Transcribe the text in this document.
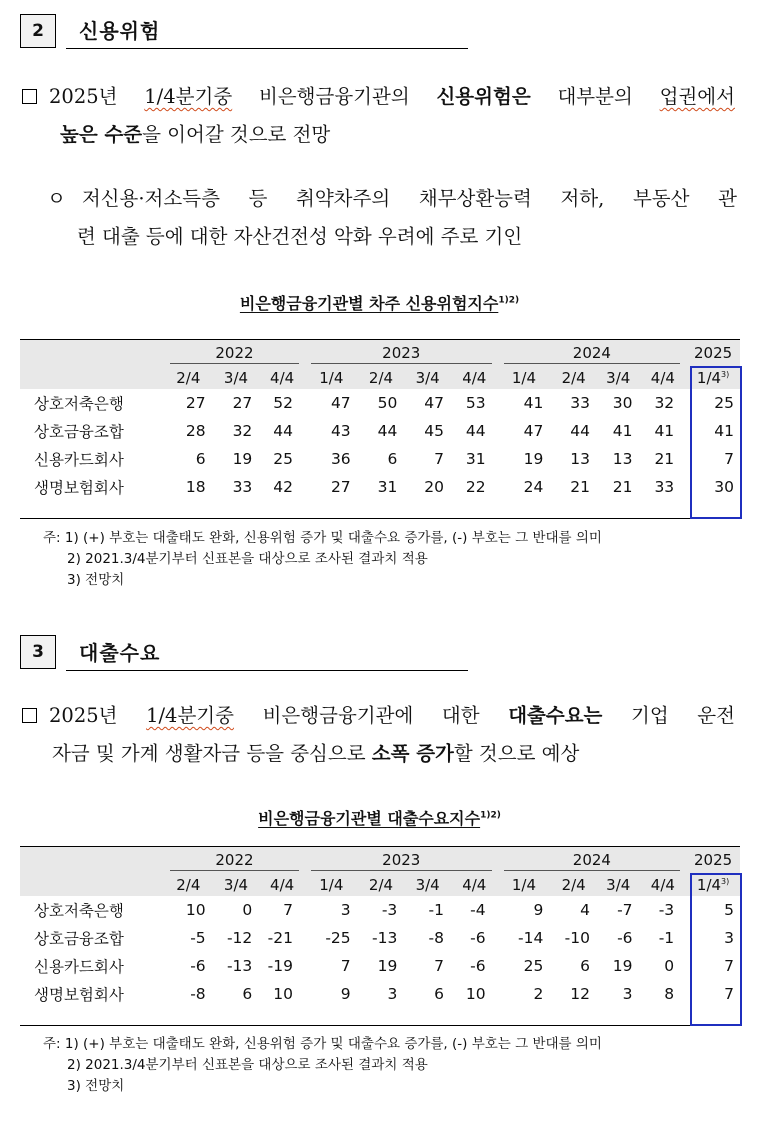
2 신용위험
2025년 1/4분기중 비은행금융기관의 신용위험은 대부분의 업권에서
높은 수준을 이어갈 것으로 전망
ㅇ 저신용·저소득층 등 취약차주의 채무상환능력 저하, 부동산 관
련 대출 등에 대한 자산건전성 악화 우려에 주로 기인
비은행금융기관별 차주 신용위험지수$^{1)2)}$

	2022			2023				2024				2025
	2/4	3/4	4/4	1/4	2/4	3/4	4/4	1/4	2/4	3/4	4/4	1/4$^{3)}$
상호저축은행	27	27	52	47	50	47	53	41	33	30	32	25
상호금융조합	28	32	44	43	44	45	44	47	44	41	41	41
신용카드회사	6	19	25	36	6	7	31	19	13	13	21	7
생명보험회사	18	33	42	27	31	20	22	24	21	21	33	30
주: 1) (+) 부호는 대출태도 완화, 신용위험 증가 및 대출수요 증가를, (-) 부호는 그 반대를 의미
2) 2021.3/4분기부터 신표본을 대상으로 조사된 결과치 적용
3) 전망치
3 대출수요
2025년 1/4분기중 비은행금융기관에 대한 대출수요는 기업 운전
자금 및 가계 생활자금 등을 중심으로 소폭 증가할 것으로 예상
비은행금융기관별 대출수요지수$^{1)2)}$

	2022			2023				2024				2025
	2/4	3/4	4/4	1/4	2/4	3/4	4/4	1/4	2/4	3/4	4/4	1/4$^{3)}$
상호저축은행	10	0	7	3	-3	-1	-4	9	4	-7	-3	5
상호금융조합	-5	-12	-21	-25	-13	-8	-6	-14	-10	-6	-1	3
신용카드회사	-6	-13	-19	7	19	7	-6	25	6	19	0	7
생명보험회사	-8	6	10	9	3	6	10	2	12	3	8	7
주: 1) (+) 부호는 대출태도 완화, 신용위험 증가 및 대출수요 증가를, (-) 부호는 그 반대를 의미
2) 2021.3/4분기부터 신표본을 대상으로 조사된 결과치 적용
3) 전망치
